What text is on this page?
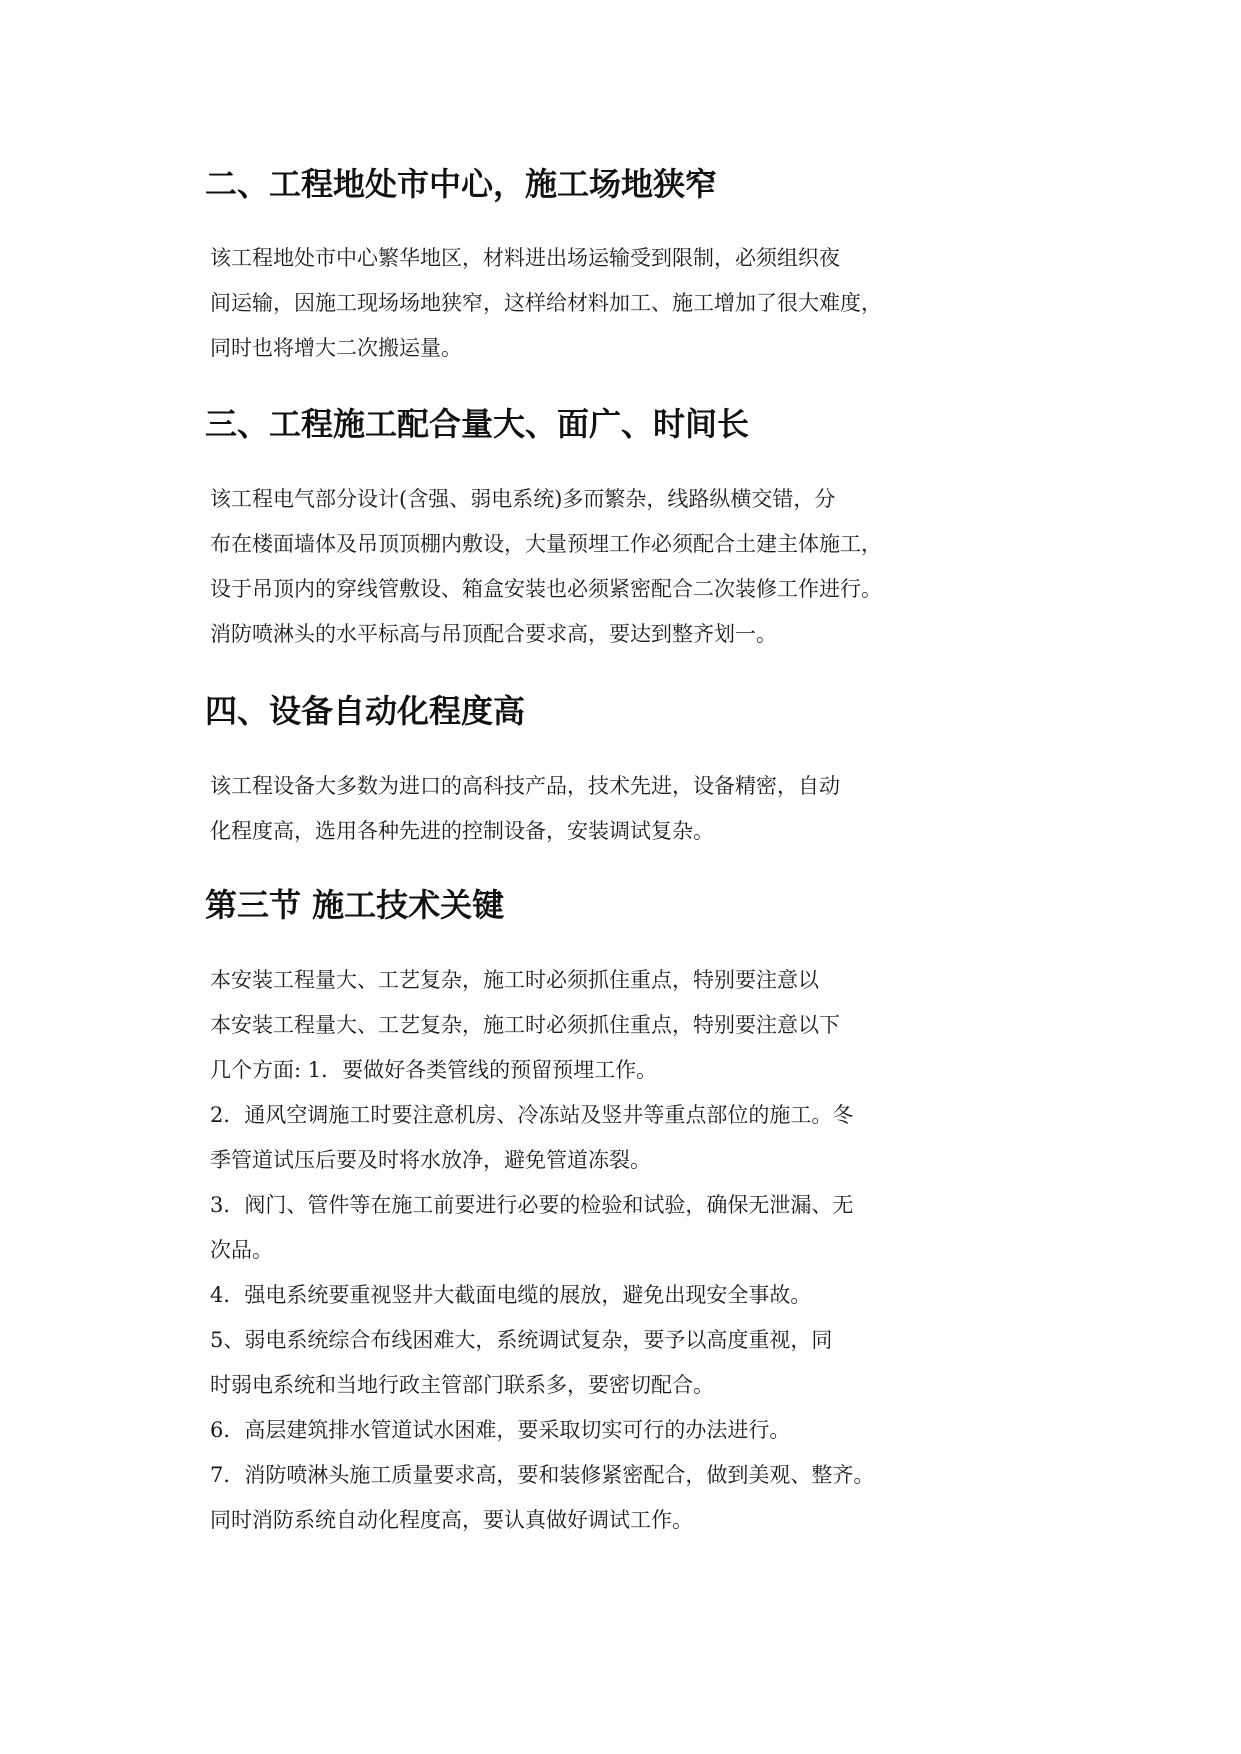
二、工程地处市中心，施工场地狭窄

该工程地处市中心繁华地区，材料进出场运输受到限制，必须组织夜

间运输，因施工现场场地狭窄，这样给材料加工、施工增加了很大难度，

同时也将增大二次搬运量。

三、工程施工配合量大、面广、时间长

该工程电气部分设计(含强、弱电系统)多而繁杂，线路纵横交错，分

布在楼面墙体及吊顶顶棚内敷设，大量预埋工作必须配合土建主体施工，

设于吊顶内的穿线管敷设、箱盒安装也必须紧密配合二次装修工作进行。

消防喷淋头的水平标高与吊顶配合要求高，要达到整齐划一。

四、设备自动化程度高

该工程设备大多数为进口的高科技产品，技术先进，设备精密，自动

化程度高，选用各种先进的控制设备，安装调试复杂。

第三节 施工技术关键

本安装工程量大、工艺复杂，施工时必须抓住重点，特别要注意以

本安装工程量大、工艺复杂，施工时必须抓住重点，特别要注意以下

几个方面: 1．要做好各类管线的预留预埋工作。

2．通风空调施工时要注意机房、冷冻站及竖井等重点部位的施工。冬

季管道试压后要及时将水放净，避免管道冻裂。

3．阀门、管件等在施工前要进行必要的检验和试验，确保无泄漏、无

次品。

4．强电系统要重视竖井大截面电缆的展放，避免出现安全事故。

5、弱电系统综合布线困难大，系统调试复杂，要予以高度重视，同

时弱电系统和当地行政主管部门联系多，要密切配合。

6．高层建筑排水管道试水困难，要采取切实可行的办法进行。

7．消防喷淋头施工质量要求高，要和装修紧密配合，做到美观、整齐。

同时消防系统自动化程度高，要认真做好调试工作。
